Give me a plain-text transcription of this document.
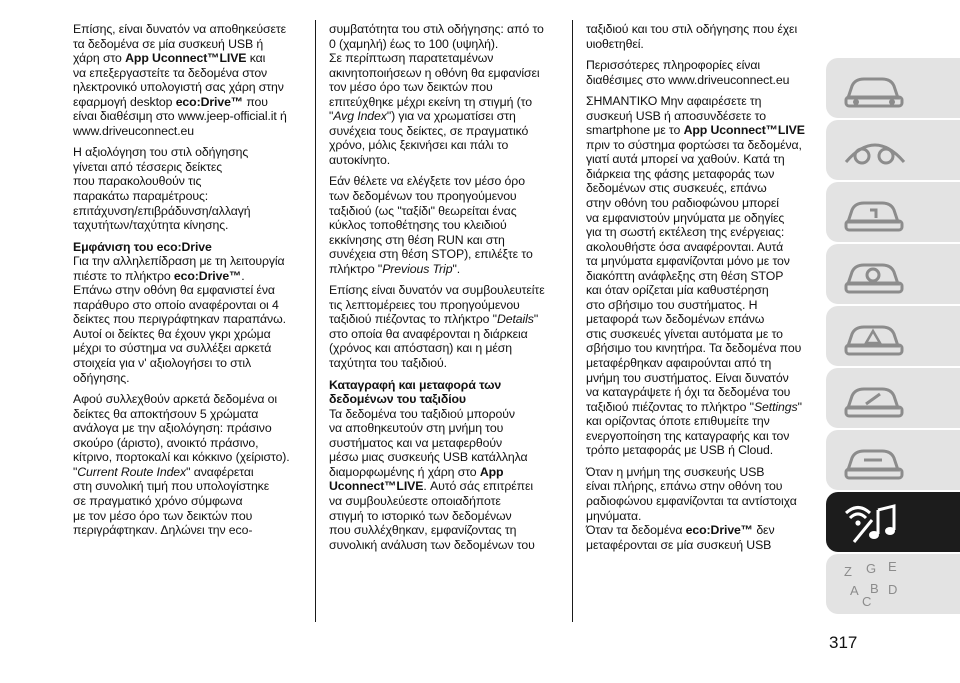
Επίσης, είναι δυνατόν να αποθηκεύσετε
τα δεδομένα σε μία συσκευή USB ή
χάρη στο App Uconnect™LIVE και
να επεξεργαστείτε τα δεδομένα στον
ηλεκτρονικό υπολογιστή σας χάρη στην
εφαρμογή desktop eco:Drive™ που
είναι διαθέσιμη στο www.jeep-official.it ή
www.driveuconnect.eu
Η αξιολόγηση του στιλ οδήγησης
γίνεται από τέσσερις δείκτες
που παρακολουθούν τις
παρακάτω παραμέτρους:
επιτάχυνση/επιβράδυνση/αλλαγή
ταχυτήτων/ταχύτητα κίνησης.
Εμφάνιση του eco:Drive
Για την αλληλεπίδραση με τη λειτουργία
πιέστε το πλήκτρο eco:Drive™.
Επάνω στην οθόνη θα εμφανιστεί ένα
παράθυρο στο οποίο αναφέρονται οι 4
δείκτες που περιγράφτηκαν παραπάνω.
Αυτοί οι δείκτες θα έχουν γκρι χρώμα
μέχρι το σύστημα να συλλέξει αρκετά
στοιχεία για ν' αξιολογήσει το στιλ
οδήγησης.
Αφού συλλεχθούν αρκετά δεδομένα οι
δείκτες θα αποκτήσουν 5 χρώματα
ανάλογα με την αξιολόγηση: πράσινο
σκούρο (άριστο), ανοικτό πράσινο,
κίτρινο, πορτοκαλί και κόκκινο (χείριστο).
"Current Route Index" αναφέρεται
στη συνολική τιμή που υπολογίστηκε
σε πραγματικό χρόνο σύμφωνα
με τον μέσο όρο των δεικτών που
περιγράφτηκαν. Δηλώνει την eco-
συμβατότητα του στιλ οδήγησης: από το
0 (χαμηλή) έως το 100 (υψηλή).
Σε περίπτωση παρατεταμένων
ακινητοποιήσεων η οθόνη θα εμφανίσει
τον μέσο όρο των δεικτών που
επιτεύχθηκε μέχρι εκείνη τη στιγμή (το
"Avg Index") για να χρωματίσει στη
συνέχεια τους δείκτες, σε πραγματικό
χρόνο, μόλις ξεκινήσει και πάλι το
αυτοκίνητο.
Εάν θέλετε να ελέγξετε τον μέσο όρο
των δεδομένων του προηγούμενου
ταξιδιού (ως "ταξίδι" θεωρείται ένας
κύκλος τοποθέτησης του κλειδιού
εκκίνησης στη θέση RUN και στη
συνέχεια στη θέση STOP), επιλέξτε το
πλήκτρο "Previous Trip".
Επίσης είναι δυνατόν να συμβουλευτείτε
τις λεπτομέρειες του προηγούμενου
ταξιδιού πιέζοντας το πλήκτρο "Details"
στο οποία θα αναφέρονται η διάρκεια
(χρόνος και απόσταση) και η μέση
ταχύτητα του ταξιδιού.
Καταγραφή και μεταφορά των
δεδομένων του ταξιδίου
Τα δεδομένα του ταξιδιού μπορούν
να αποθηκευτούν στη μνήμη του
συστήματος και να μεταφερθούν
μέσω μιας συσκευής USB κατάλληλα
διαμορφωμένης ή χάρη στο App
Uconnect™LIVE. Αυτό σάς επιτρέπει
να συμβουλεύεστε οποιαδήποτε
στιγμή το ιστορικό των δεδομένων
που συλλέχθηκαν, εμφανίζοντας τη
συνολική ανάλυση των δεδομένων του
ταξιδιού και του στιλ οδήγησης που έχει
υιοθετηθεί.
Περισσότερες πληροφορίες είναι
διαθέσιμες στο www.driveuconnect.eu
ΣΗΜΑΝΤΙΚΟ Μην αφαιρέσετε τη
συσκευή USB ή αποσυνδέσετε το
smartphone με το App Uconnect™LIVE
πριν το σύστημα φορτώσει τα δεδομένα,
γιατί αυτά μπορεί να χαθούν. Κατά τη
διάρκεια της φάσης μεταφοράς των
δεδομένων στις συσκευές, επάνω
στην οθόνη του ραδιοφώνου μπορεί
να εμφανιστούν μηνύματα με οδηγίες
για τη σωστή εκτέλεση της ενέργειας:
ακολουθήστε όσα αναφέρονται. Αυτά
τα μηνύματα εμφανίζονται μόνο με τον
διακόπτη ανάφλεξης στη θέση STOP
και όταν ορίζεται μία καθυστέρηση
στο σβήσιμο του συστήματος. Η
μεταφορά των δεδομένων επάνω
στις συσκευές γίνεται αυτόματα με το
σβήσιμο του κινητήρα. Τα δεδομένα που
μεταφέρθηκαν αφαιρούνται από τη
μνήμη του συστήματος. Είναι δυνατόν
να καταγράψετε ή όχι τα δεδομένα του
ταξιδιού πιέζοντας το πλήκτρο "Settings"
και ορίζοντας όποτε επιθυμείτε την
ενεργοποίηση της καταγραφής και τον
τρόπο μεταφοράς με USB ή Cloud.
Όταν η μνήμη της συσκευής USB
είναι πλήρης, επάνω στην οθόνη του
ραδιοφώνου εμφανίζονται τα αντίστοιχα
μηνύματα.
Όταν τα δεδομένα eco:Drive™ δεν
μεταφέρονται σε μία συσκευή USB
317
Z G E
A B
C
D
